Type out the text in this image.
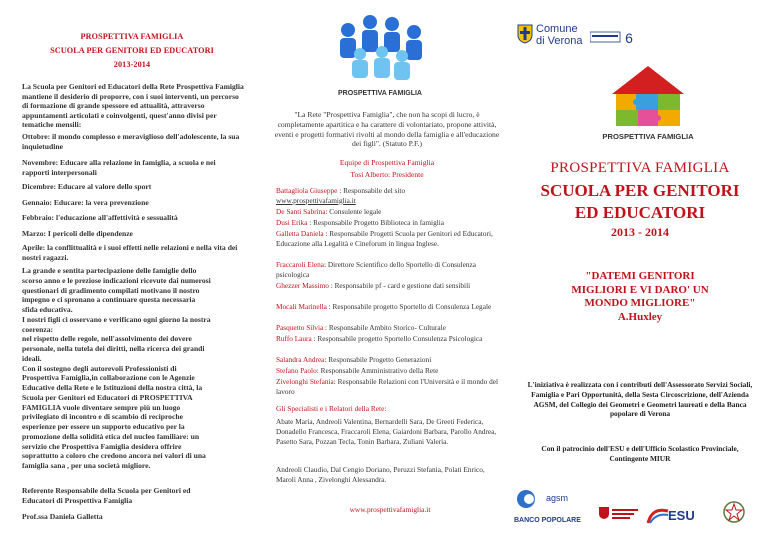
PROSPETTIVA FAMIGLIA
SCUOLA PER GENITORI ED EDUCATORI
2013-2014
La Scuola per Genitori ed Educatori della Rete Prospettiva Famiglia mantiene il desiderio di proporre, con i suoi interventi, un percorso di formazione di grande spessore ed attualità, attraverso appuntamenti articolati e coinvolgenti, quest'anno divisi per tematiche mensili:
Ottobre: il mondo complesso e meraviglioso dell'adolescente, la sua inquietudine
Novembre: Educare alla relazione in famiglia, a scuola e nei rapporti interpersonali
Dicembre: Educare al valore dello sport
Gennaio: Educare: la vera prevenzione
Febbraio: l'educazione all'affettività e sessualità
Marzo: I pericoli delle dipendenze
Aprile: la conflittualità e i suoi effetti nelle relazioni e nella vita dei nostri ragazzi.
La grande e sentita partecipazione delle famiglie dello
scorso anno e le preziose indicazioni ricevute dai numerosi
questionari di gradimento compilati motivano il nostro
impegno e ci spronano a continuare questa necessaria
sfida educativa.
I nostri figli ci osservano e verificano ogni giorno la nostra
coerenza:
nel rispetto delle regole, nell'assolvimento dei dovere
personale, nella tutela dei diritti, nella ricerca dei grandi
ideali.
Con il sostegno degli autorevoli Professionisti di
Prospettiva Famiglia,in collaborazione con le Agenzie
Educative della Rete e le Istituzioni della nostra città, la
Scuola per Genitori ed Educatori di PROSPETTIVA
FAMIGLIA vuole diventare sempre più un luogo
privilegiato di incontro e di scambio di reciproche
esperienze per essere un supporto educativo per la
promozione della solidità etica del nucleo familiare: un
servizio che Prospettiva Famiglia desidera offrire
soprattutto a coloro che credono ancora nei valori di una
famiglia sana , per una società migliore.
Referente Responsabile della Scuola per Genitori ed
Educatori di Prospettiva Famiglia
Prof.ssa Daniela Galletta
PROSPETTIVA FAMIGLIA
"La Rete "Prospettiva Famiglia", che non ha scopi di lucro, è completamente apartitica e ha carattere di volontariato, propone attività, eventi e progetti formativi rivolti al mondo della famiglia e all'educazione dei figli". (Statuto P.F.)
Equipe di Prospettiva Famiglia
Tosi Alberto: Presidente
Battagliola Giuseppe : Responsabile del sito
www.prospettivafamiglia.it
De Santi Sabrina: Consulente legale
Dusi Erika : Responsabile Progetto Biblioteca in famiglia
Galletta Daniela : Responsabile Progetti Scuola per Genitori ed Educatori, Educazione alla Legalità e Cineforum in lingua Inglese.
Fraccaroli Elena: Direttore Scientifico dello Sportello di Consulenza psicologica
Ghezzer Massimo : Responsabile pf - card e gestione dati sensibili
Mocali Marinella : Responsabile progetto Sportello di Consulenza Legale
Pasquetto Silvia : Responsabile Ambito Storico- Culturale
Ruffo Laura : Responsabile progetto Sportello Consulenza Psicologica
Salandra Andrea: Responsabile Progetto Generazioni
Stefano Paolo: Responsabile Amministrativo della Rete
Zivelonghi Stefania: Responsabile Relazioni con l'Università e il mondo del lavoro
Gli Specialisti e i Relatori della Rete:
Abate Maria, Andreoli Valentina, Bernardelli Sara, De Greeti Federica, Donadello Francesca, Fraccaroli Elena, Gaiardoni Barbara, Parollo Andrea, Pasetto Sara, Pozzan Tecla, Tonin Barbara, Zuliani Valeria.
Andreoli Claudio, Dal Cengio Doriano, Peruzzi Stefania, Polati Enrico, Maroli Anna , Zivelonghi Alessandra.
www.prospettivafamiglia.it
Comune
di Verona	6
PROSPETTIVA FAMIGLIA
PROSPETTIVA FAMIGLIA
SCUOLA PER GENITORI
ED EDUCATORI
2013 - 2014
"DATEMI GENITORI
MIGLIORI E VI DARO' UN
MONDO MIGLIORE"
A.Huxley
L'iniziativa è realizzata con i contributi dell'Assessorato Servizi Sociali, Famiglia e Pari Opportunità, della Sesta Circoscrizione, dell'Azienda AGSM, del Collegio dei Geometri e Geometri laureati e della Banca popolare di Verona
Con il patrocinio dell'ESU e dell'Ufficio Scolastico Provinciale, Contingente MIUR
agsm
BANCO POPOLARE	ESU
